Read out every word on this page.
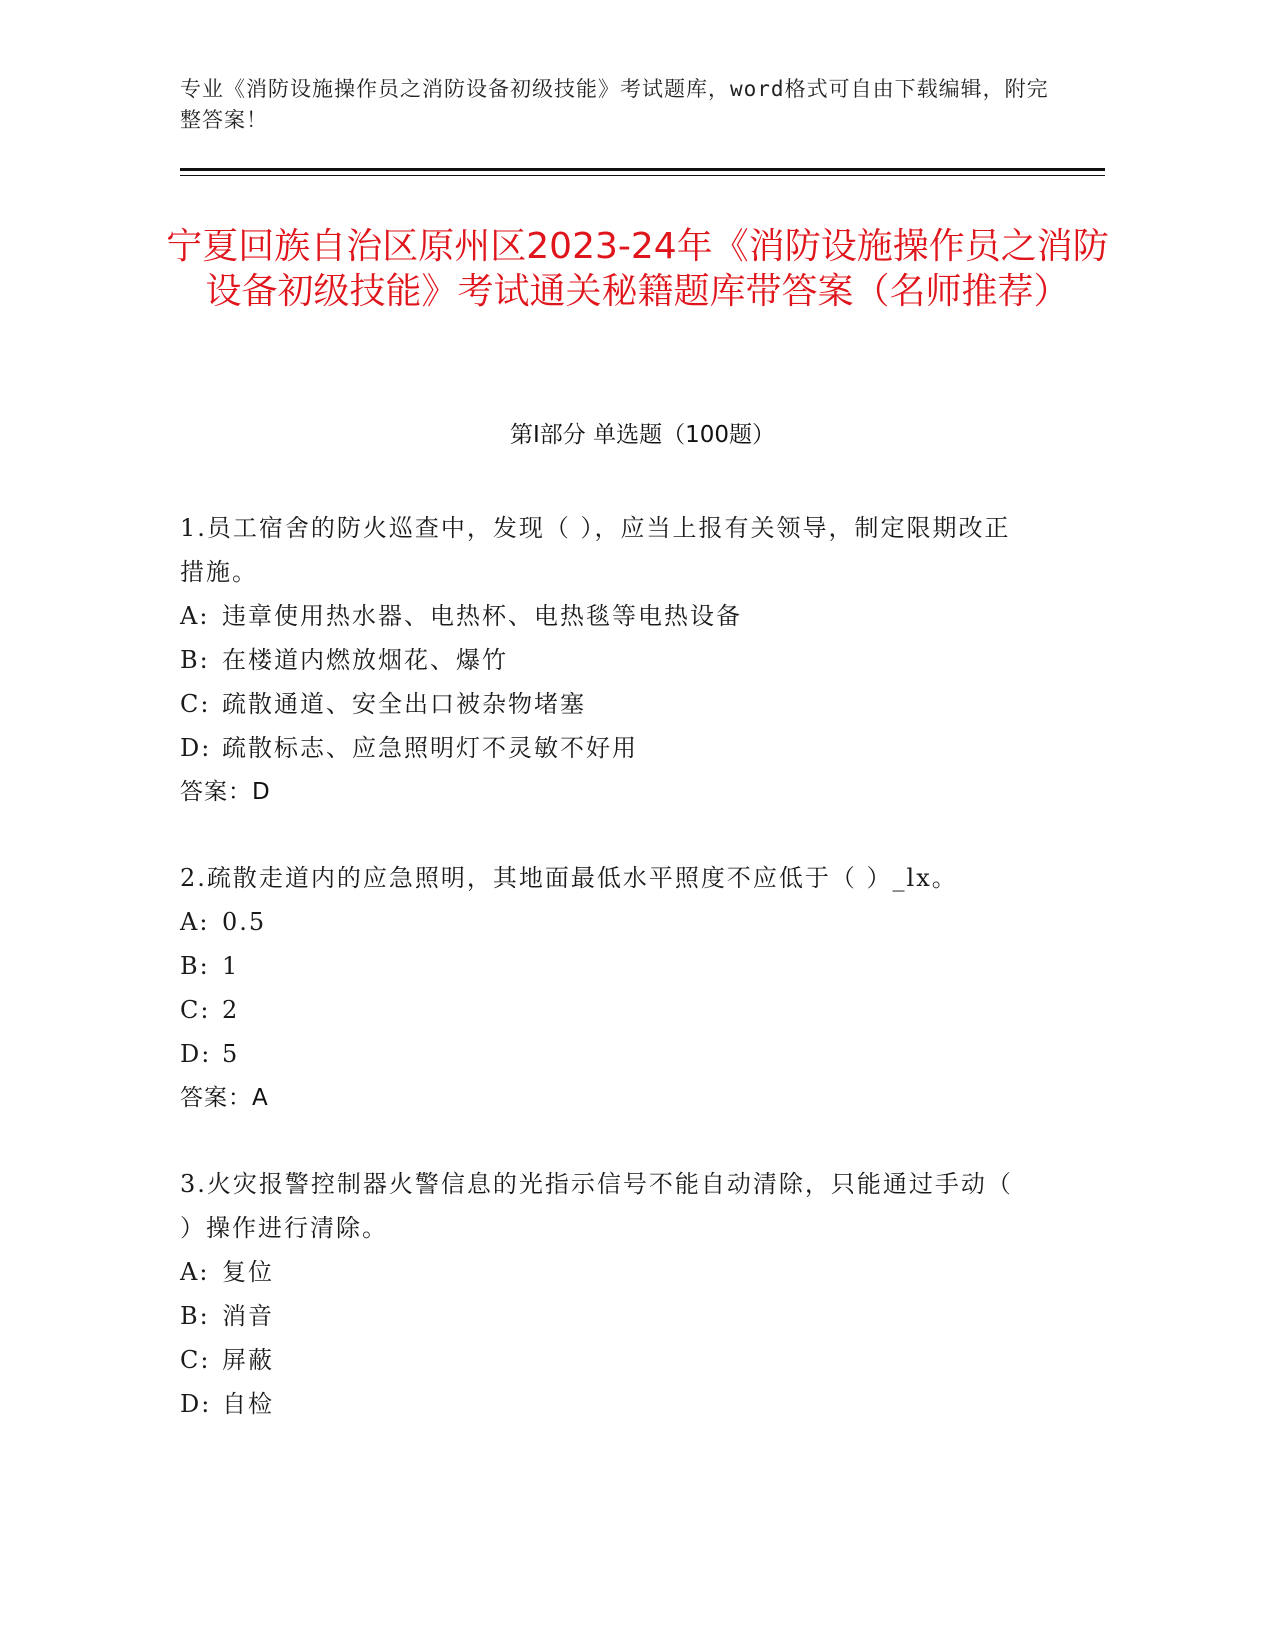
专业《消防设施操作员之消防设备初级技能》考试题库，word格式可自由下载编辑，附完整答案！
宁夏回族自治区原州区2023-24年《消防设施操作员之消防设备初级技能》考试通关秘籍题库带答案（名师推荐）
第I部分 单选题（100题）

1.员工宿舍的防火巡查中，发现（ ），应当上报有关领导，制定限期改正措施。

A: 违章使用热水器、电热杯、电热毯等电热设备
B: 在楼道内燃放烟花、爆竹
C: 疏散通道、安全出口被杂物堵塞
D: 疏散标志、应急照明灯不灵敏不好用

答案：D

2.疏散走道内的应急照明，其地面最低水平照度不应低于（ ）_lx。

A: 0.5
B: 1
C: 2
D: 5

答案：A

3.火灾报警控制器火警信息的光指示信号不能自动清除，只能通过手动（ ）操作进行清除。

A: 复位
B: 消音
C: 屏蔽
D: 自检
